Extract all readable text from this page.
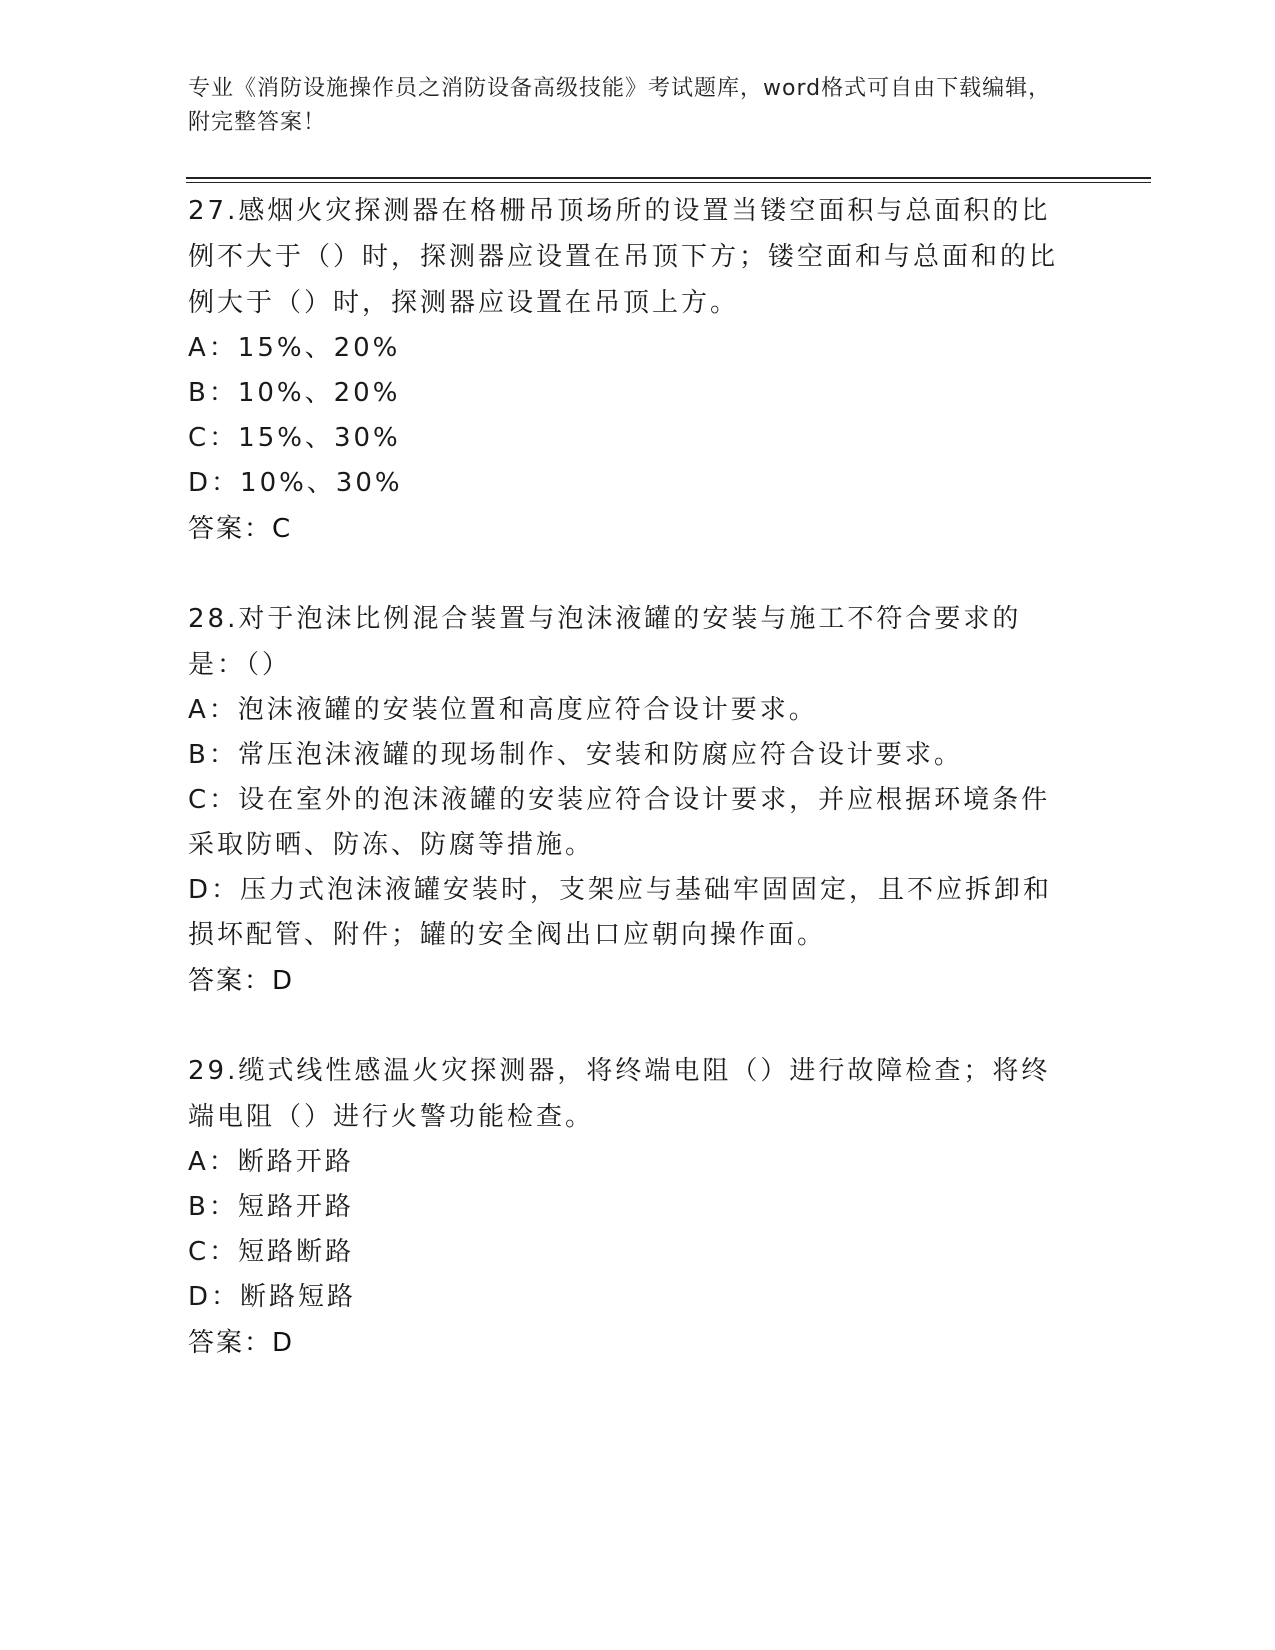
专业《消防设施操作员之消防设备高级技能》考试题库，word格式可自由下载编辑，附完整答案！

27.感烟火灾探测器在格栅吊顶场所的设置当镂空面积与总面积的比例不大于（）时，探测器应设置在吊顶下方；镂空面和与总面和的比例大于（）时，探测器应设置在吊顶上方。

A：15%、20%

B：10%、20%

C：15%、30%

D：10%、30%

答案：C

28.对于泡沫比例混合装置与泡沫液罐的安装与施工不符合要求的是：（）

A：泡沫液罐的安装位置和高度应符合设计要求。

B：常压泡沫液罐的现场制作、安装和防腐应符合设计要求。

C：设在室外的泡沫液罐的安装应符合设计要求，并应根据环境条件采取防晒、防冻、防腐等措施。

D：压力式泡沫液罐安装时，支架应与基础牢固固定，且不应拆卸和损坏配管、附件；罐的安全阀出口应朝向操作面。

答案：D

29.缆式线性感温火灾探测器，将终端电阻（）进行故障检查；将终端电阻（）进行火警功能检查。

A：断路开路

B：短路开路

C：短路断路

D：断路短路

答案：D
